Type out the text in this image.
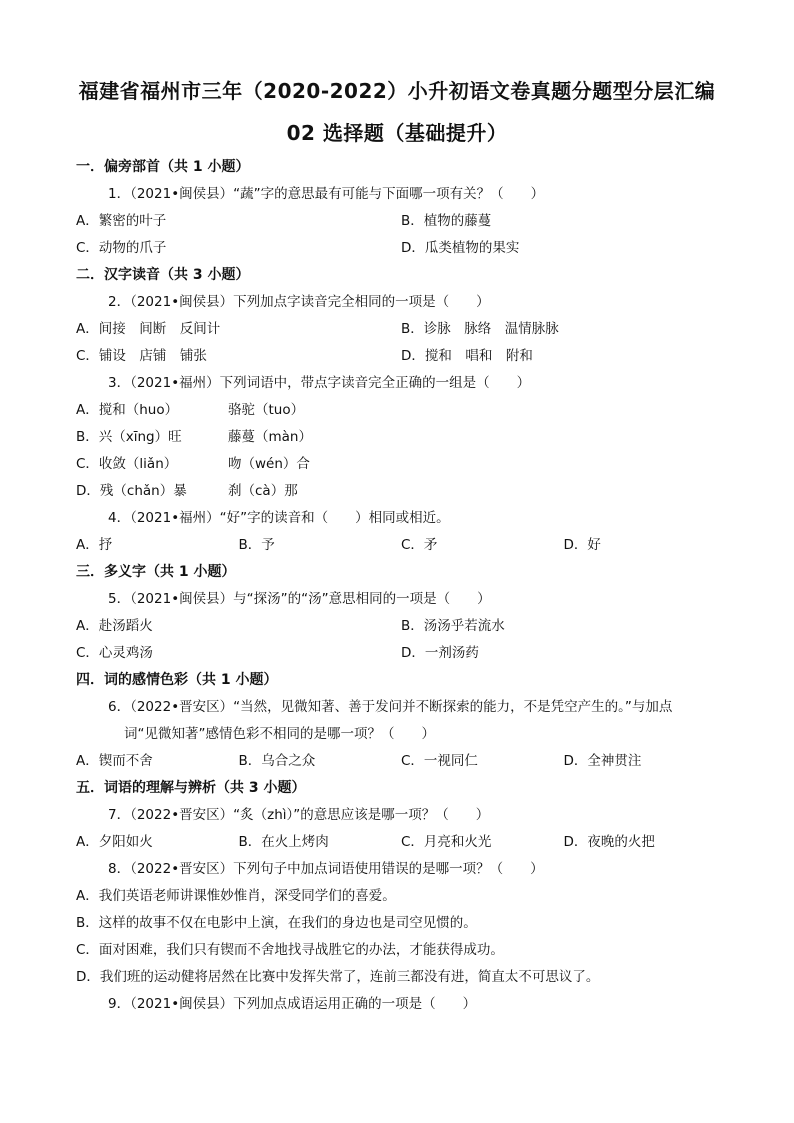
福建省福州市三年（2020-2022）小升初语文卷真题分题型分层汇编
02 选择题（基础提升）
一．偏旁部首（共 1 小题）
1．（2021•闽侯县）“蔬”字的意思最有可能与下面哪一项有关？（　　）
A．繁密的叶子	B．植物的藤蔓
C．动物的爪子	D．瓜类植物的果实
二．汉字读音（共 3 小题）
2．（2021•闽侯县）下列加点字读音完全相同的一项是（　　）
A．间接　间断　反间计	B．诊脉　脉络　温情脉脉
C．铺设　店铺　铺张	D．搅和　唱和　附和
3．（2021•福州）下列词语中，带点字读音完全正确的一组是（　　）
A．搅和（huo）	骆驼（tuo）
B．兴（xīng）旺	藤蔓（màn）
C．收敛（liǎn）	吻（wén）合
D．残（chǎn）暴	刹（cà）那
4．（2021•福州）“好”字的读音和（　　）相同或相近。
A．抒	B．予	C．矛	D．好
三．多义字（共 1 小题）
5．（2021•闽侯县）与“探汤”的“汤”意思相同的一项是（　　）
A．赴汤蹈火	B．汤汤乎若流水
C．心灵鸡汤	D．一剂汤药
四．词的感情色彩（共 1 小题）
6．（2022•晋安区）“当然，见微知著、善于发问并不断探索的能力，不是凭空产生的。”与加点
词“见微知著”感情色彩不相同的是哪一项？（　　）
A．锲而不舍	B．乌合之众	C．一视同仁	D．全神贯注
五．词语的理解与辨析（共 3 小题）
7．（2022•晋安区）“炙（zhì）”的意思应该是哪一项？（　　）
A．夕阳如火	B．在火上烤肉	C．月亮和火光	D．夜晚的火把
8．（2022•晋安区）下列句子中加点词语使用错误的是哪一项？（　　）
A．我们英语老师讲课惟妙惟肖，深受同学们的喜爱。
B．这样的故事不仅在电影中上演，在我们的身边也是司空见惯的。
C．面对困难，我们只有锲而不舍地找寻战胜它的办法，才能获得成功。
D．我们班的运动健将居然在比赛中发挥失常了，连前三都没有进，简直太不可思议了。
9．（2021•闽侯县）下列加点成语运用正确的一项是（　　）
